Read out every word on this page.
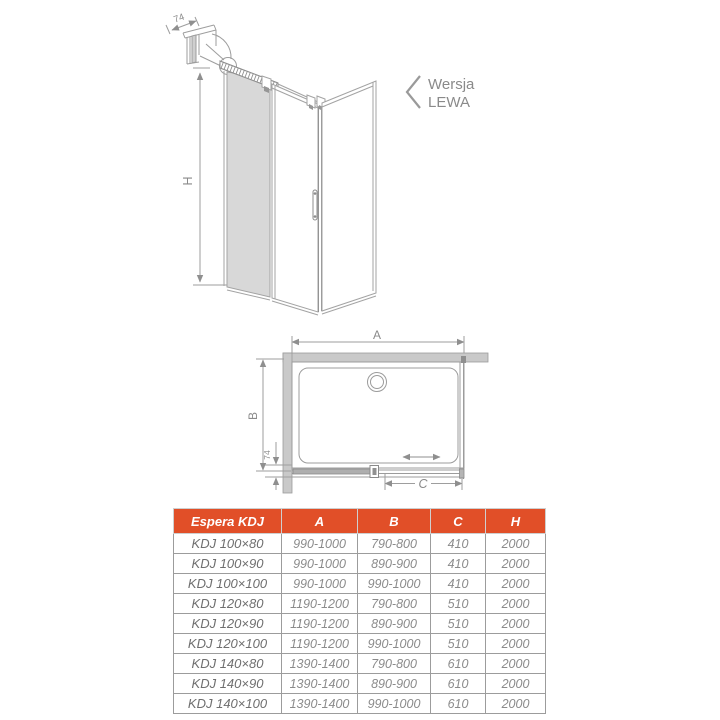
74
H
Wersja
LEWA
A
B
74
C
Espera KDJ	A	B	C	H
KDJ 100×80	990-1000	790-800	410	2000
KDJ 100×90	990-1000	890-900	410	2000
KDJ 100×100	990-1000	990-1000	410	2000
KDJ 120×80	1190-1200	790-800	510	2000
KDJ 120×90	1190-1200	890-900	510	2000
KDJ 120×100	1190-1200	990-1000	510	2000
KDJ 140×80	1390-1400	790-800	610	2000
KDJ 140×90	1390-1400	890-900	610	2000
KDJ 140×100	1390-1400	990-1000	610	2000
